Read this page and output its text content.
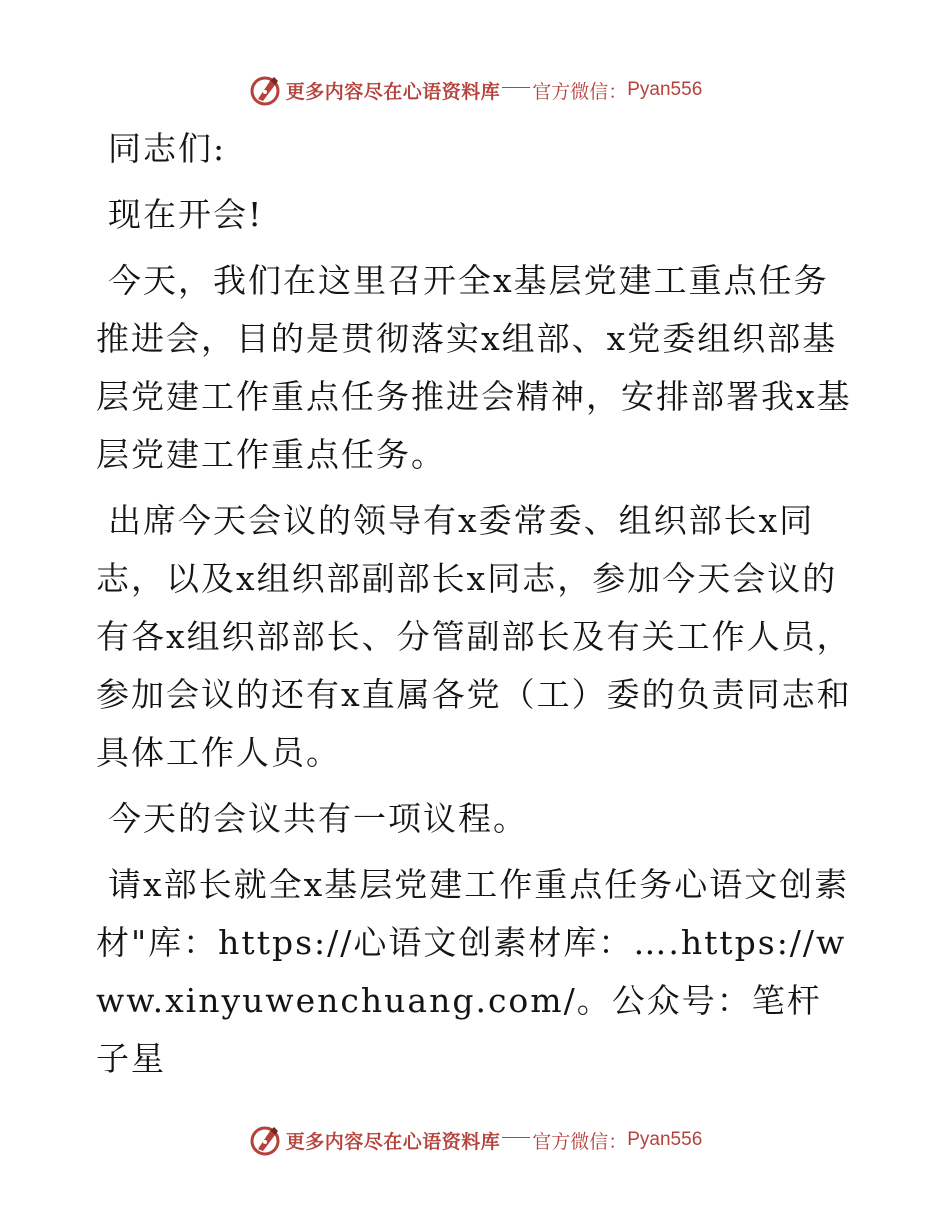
更多内容尽在心语资料库 官方微信： Pyan556

同志们:

现在开会!

今天，我们在这里召开全x基层党建工重点任务推进会，目的是贯彻落实x组部、x党委组织部基层党建工作重点任务推进会精神，安排部署我x基层党建工作重点任务。

出席今天会议的领导有x委常委、组织部长x同志，以及x组织部副部长x同志，参加今天会议的有各x组织部部长、分管副部长及有关工作人员，参加会议的还有x直属各党（工）委的负责同志和具体工作人员。

今天的会议共有一项议程。

请x部长就全x基层党建工作重点任务心语文创素材"库：https://心语文创素材库：….https://www.xinyuwenchuang.com/。公众号：笔杆子星

更多内容尽在心语资料库 官方微信： Pyan556
